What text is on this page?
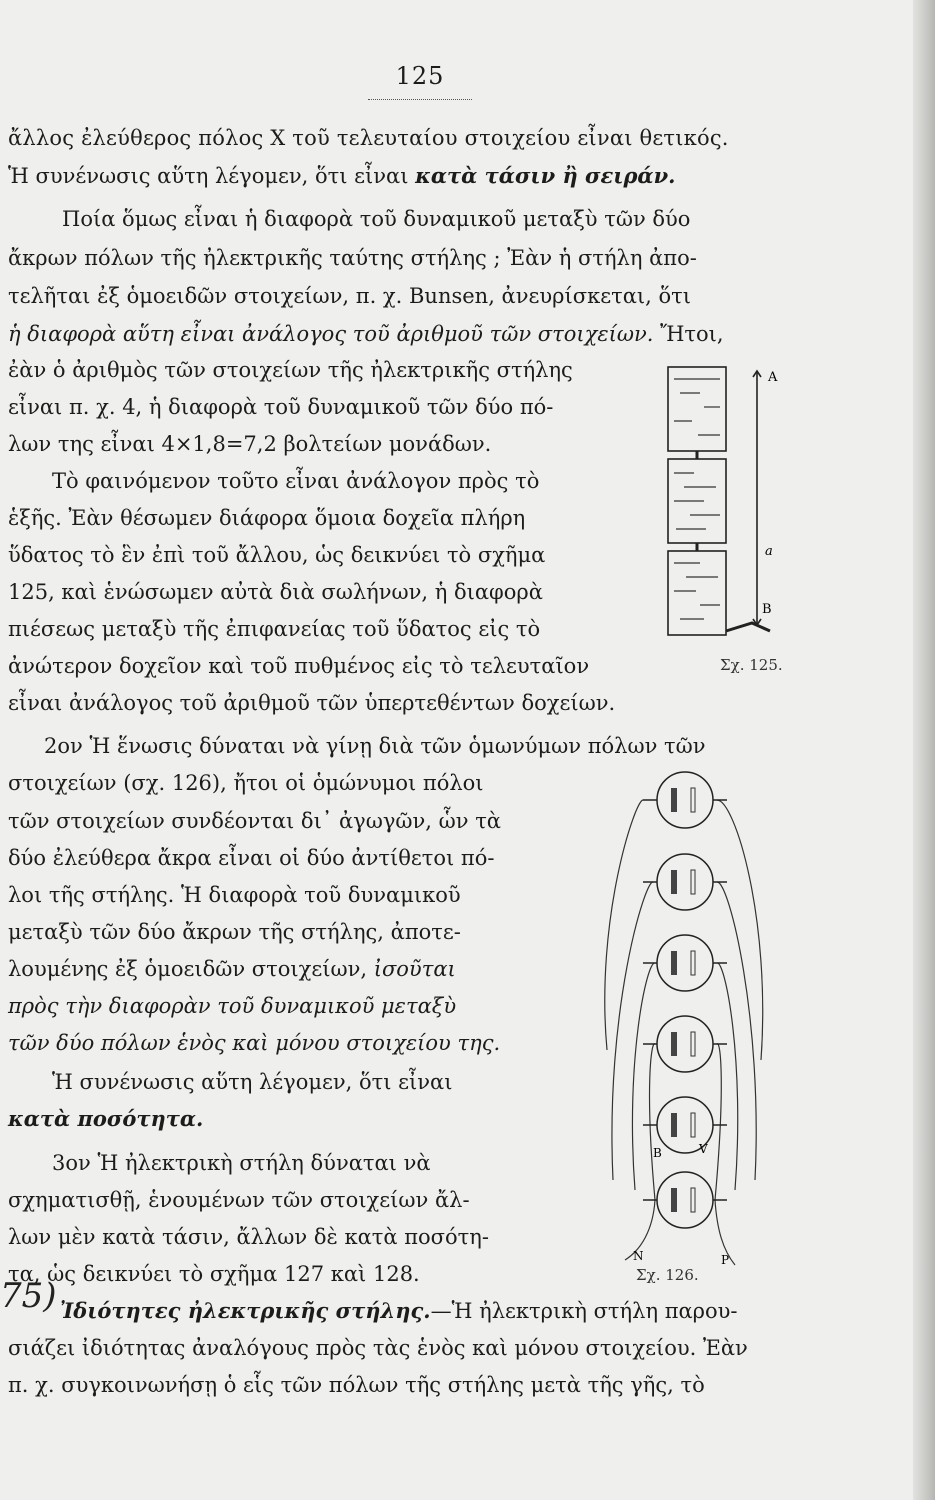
125
ἄλλος ἐλεύθερος πόλος X τοῦ τελευταίου στοιχείου εἶναι θετικός.
Ἡ συνένωσις αὕτη λέγομεν, ὅτι εἶναι κατὰ τάσιν ἢ σειράν.
Ποία ὅμως εἶναι ἡ διαφορὰ τοῦ δυναμικοῦ μεταξὺ τῶν δύο
ἄκρων πόλων τῆς ἠλεκτρικῆς ταύτης στήλης ; Ἐὰν ἡ στήλη ἀπο-
τελῆται ἐξ ὁμοειδῶν στοιχείων, π. χ. Bunsen, ἀνευρίσκεται, ὅτι
ἡ διαφορὰ αὕτη εἶναι ἀνάλογος τοῦ ἀριθμοῦ τῶν στοιχείων. Ἤτοι,
ἐὰν ὁ ἀριθμὸς τῶν στοιχείων τῆς ἠλεκτρικῆς στήλης
εἶναι π. χ. 4, ἡ διαφορὰ τοῦ δυναμικοῦ τῶν δύο πό-
λων της εἶναι 4×1,8=7,2 βολτείων μονάδων.
Τὸ φαινόμενον τοῦτο εἶναι ἀνάλογον πρὸς τὸ
ἑξῆς. Ἐὰν θέσωμεν διάφορα ὅμοια δοχεῖα πλήρη
ὕδατος τὸ ἓν ἐπὶ τοῦ ἄλλου, ὡς δεικνύει τὸ σχῆμα
125, καὶ ἑνώσωμεν αὐτὰ διὰ σωλήνων, ἡ διαφορὰ
πιέσεως μεταξὺ τῆς ἐπιφανείας τοῦ ὕδατος εἰς τὸ
ἀνώτερον δοχεῖον καὶ τοῦ πυθμένος εἰς τὸ τελευταῖον
εἶναι ἀνάλογος τοῦ ἀριθμοῦ τῶν ὑπερτεθέντων δοχείων.
2ον Ἡ ἕνωσις δύναται νὰ γίνῃ διὰ τῶν ὁμωνύμων πόλων τῶν
στοιχείων (σχ. 126), ἤτοι οἱ ὁμώνυμοι πόλοι
τῶν στοιχείων συνδέονται δι᾽ ἀγωγῶν, ὧν τὰ
δύο ἐλεύθερα ἄκρα εἶναι οἱ δύο ἀντίθετοι πό-
λοι τῆς στήλης. Ἡ διαφορὰ τοῦ δυναμικοῦ
μεταξὺ τῶν δύο ἄκρων τῆς στήλης, ἀποτε-
λουμένης ἐξ ὁμοειδῶν στοιχείων, ἰσοῦται
πρὸς τὴν διαφορὰν τοῦ δυναμικοῦ μεταξὺ
τῶν δύο πόλων ἑνὸς καὶ μόνου στοιχείου της.
Ἡ συνένωσις αὕτη λέγομεν, ὅτι εἶναι
κατὰ ποσότητα.
3ον Ἡ ἠλεκτρικὴ στήλη δύναται νὰ
σχηματισθῇ, ἑνουμένων τῶν στοιχείων ἄλ-
λων μὲν κατὰ τάσιν, ἄλλων δὲ κατὰ ποσότη-
τα, ὡς δεικνύει τὸ σχῆμα 127 καὶ 128.
75) Ἰδιότητες ἠλεκτρικῆς στήλης.—Ἡ ἠλεκτρικὴ στήλη παρου-
σιάζει ἰδιότητας ἀναλόγους πρὸς τὰς ἑνὸς καὶ μόνου στοιχείου. Ἐὰν
π. χ. συγκοινωνήσῃ ὁ εἷς τῶν πόλων τῆς στήλης μετὰ τῆς γῆς, τὸ
A
a
B
Σχ. 125.
B	V
N	P
Σχ. 126.
